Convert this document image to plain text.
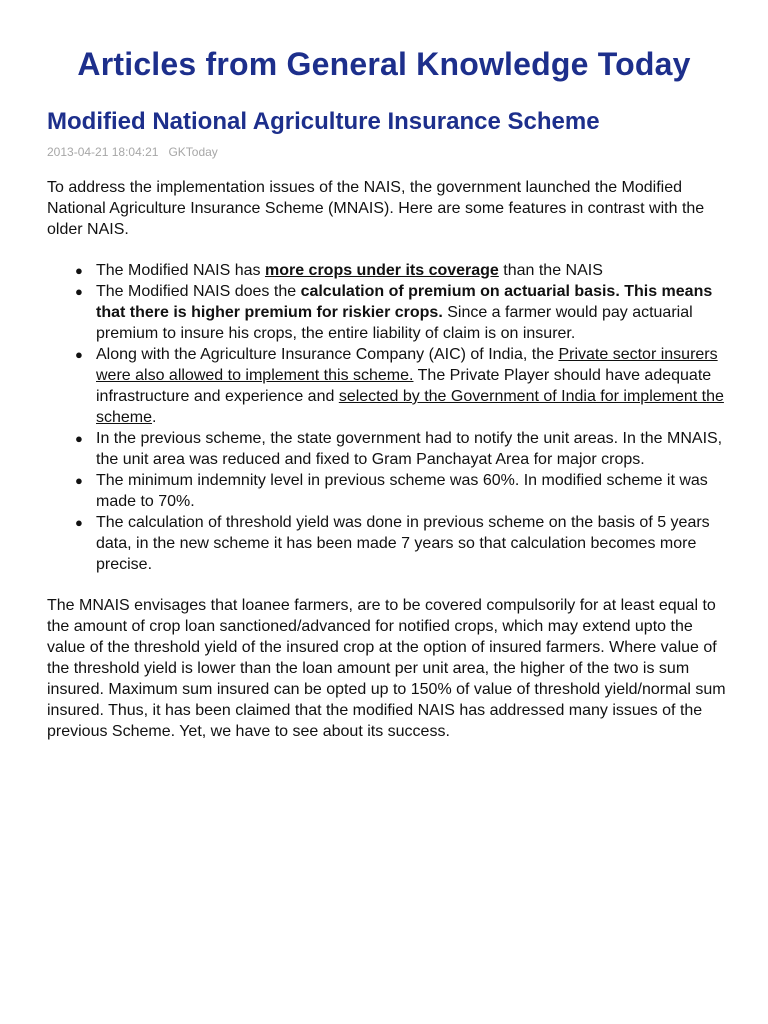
Articles from General Knowledge Today
Modified National Agriculture Insurance Scheme
2013-04-21 18:04:21 GKToday

To address the implementation issues of the NAIS, the government launched the Modified National Agriculture Insurance Scheme (MNAIS). Here are some features in contrast with the older NAIS.

● The Modified NAIS has more crops under its coverage than the NAIS
● The Modified NAIS does the calculation of premium on actuarial basis. This means that there is higher premium for riskier crops. Since a farmer would pay actuarial premium to insure his crops, the entire liability of claim is on insurer.
● Along with the Agriculture Insurance Company (AIC) of India, the Private sector insurers were also allowed to implement this scheme. The Private Player should have adequate infrastructure and experience and selected by the Government of India for implement the scheme.
● In the previous scheme, the state government had to notify the unit areas. In the MNAIS, the unit area was reduced and fixed to Gram Panchayat Area for major crops.
● The minimum indemnity level in previous scheme was 60%. In modified scheme it was made to 70%.
● The calculation of threshold yield was done in previous scheme on the basis of 5 years data, in the new scheme it has been made 7 years so that calculation becomes more precise.

The MNAIS envisages that loanee farmers, are to be covered compulsorily for at least equal to the amount of crop loan sanctioned/advanced for notified crops, which may extend upto the value of the threshold yield of the insured crop at the option of insured farmers. Where value of the threshold yield is lower than the loan amount per unit area, the higher of the two is sum insured. Maximum sum insured can be opted up to 150% of value of threshold yield/normal sum insured. Thus, it has been claimed that the modified NAIS has addressed many issues of the previous Scheme. Yet, we have to see about its success.
